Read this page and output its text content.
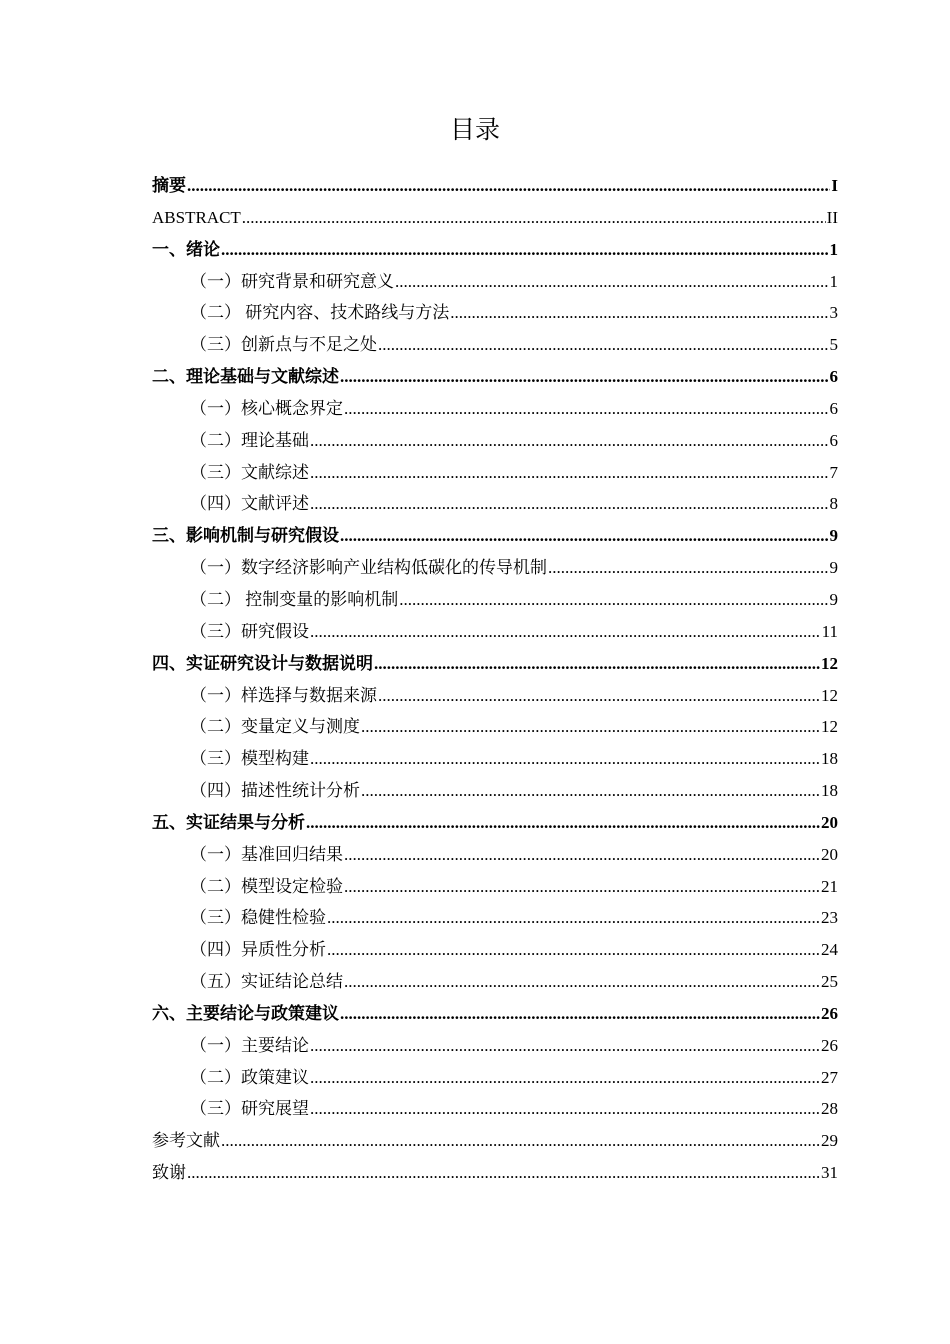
目录
摘要 .....	I
ABSTRACT .....	II
一、绪论 .....	1
（一）研究背景和研究意义 .....	1
（二） 研究内容、技术路线与方法 .....	3
（三）创新点与不足之处 .....	5
二、理论基础与文献综述 .....	6
（一）核心概念界定 .....	6
（二）理论基础 .....	6
（三）文献综述 .....	7
（四）文献评述 .....	8
三、影响机制与研究假设 .....	9
（一）数字经济影响产业结构低碳化的传导机制 .....	9
（二） 控制变量的影响机制 .....	9
（三）研究假设 .....	11
四、实证研究设计与数据说明 .....	12
（一）样选择与数据来源 .....	12
（二）变量定义与测度 .....	12
（三）模型构建 .....	18
（四）描述性统计分析 .....	18
五、实证结果与分析 .....	20
（一）基准回归结果 .....	20
（二）模型设定检验 .....	21
（三）稳健性检验 .....	23
（四）异质性分析 .....	24
（五）实证结论总结 .....	25
六、主要结论与政策建议 .....	26
（一）主要结论 .....	26
（二）政策建议 .....	27
（三）研究展望 .....	28
参考文献 .....	29
致谢 .....	31
